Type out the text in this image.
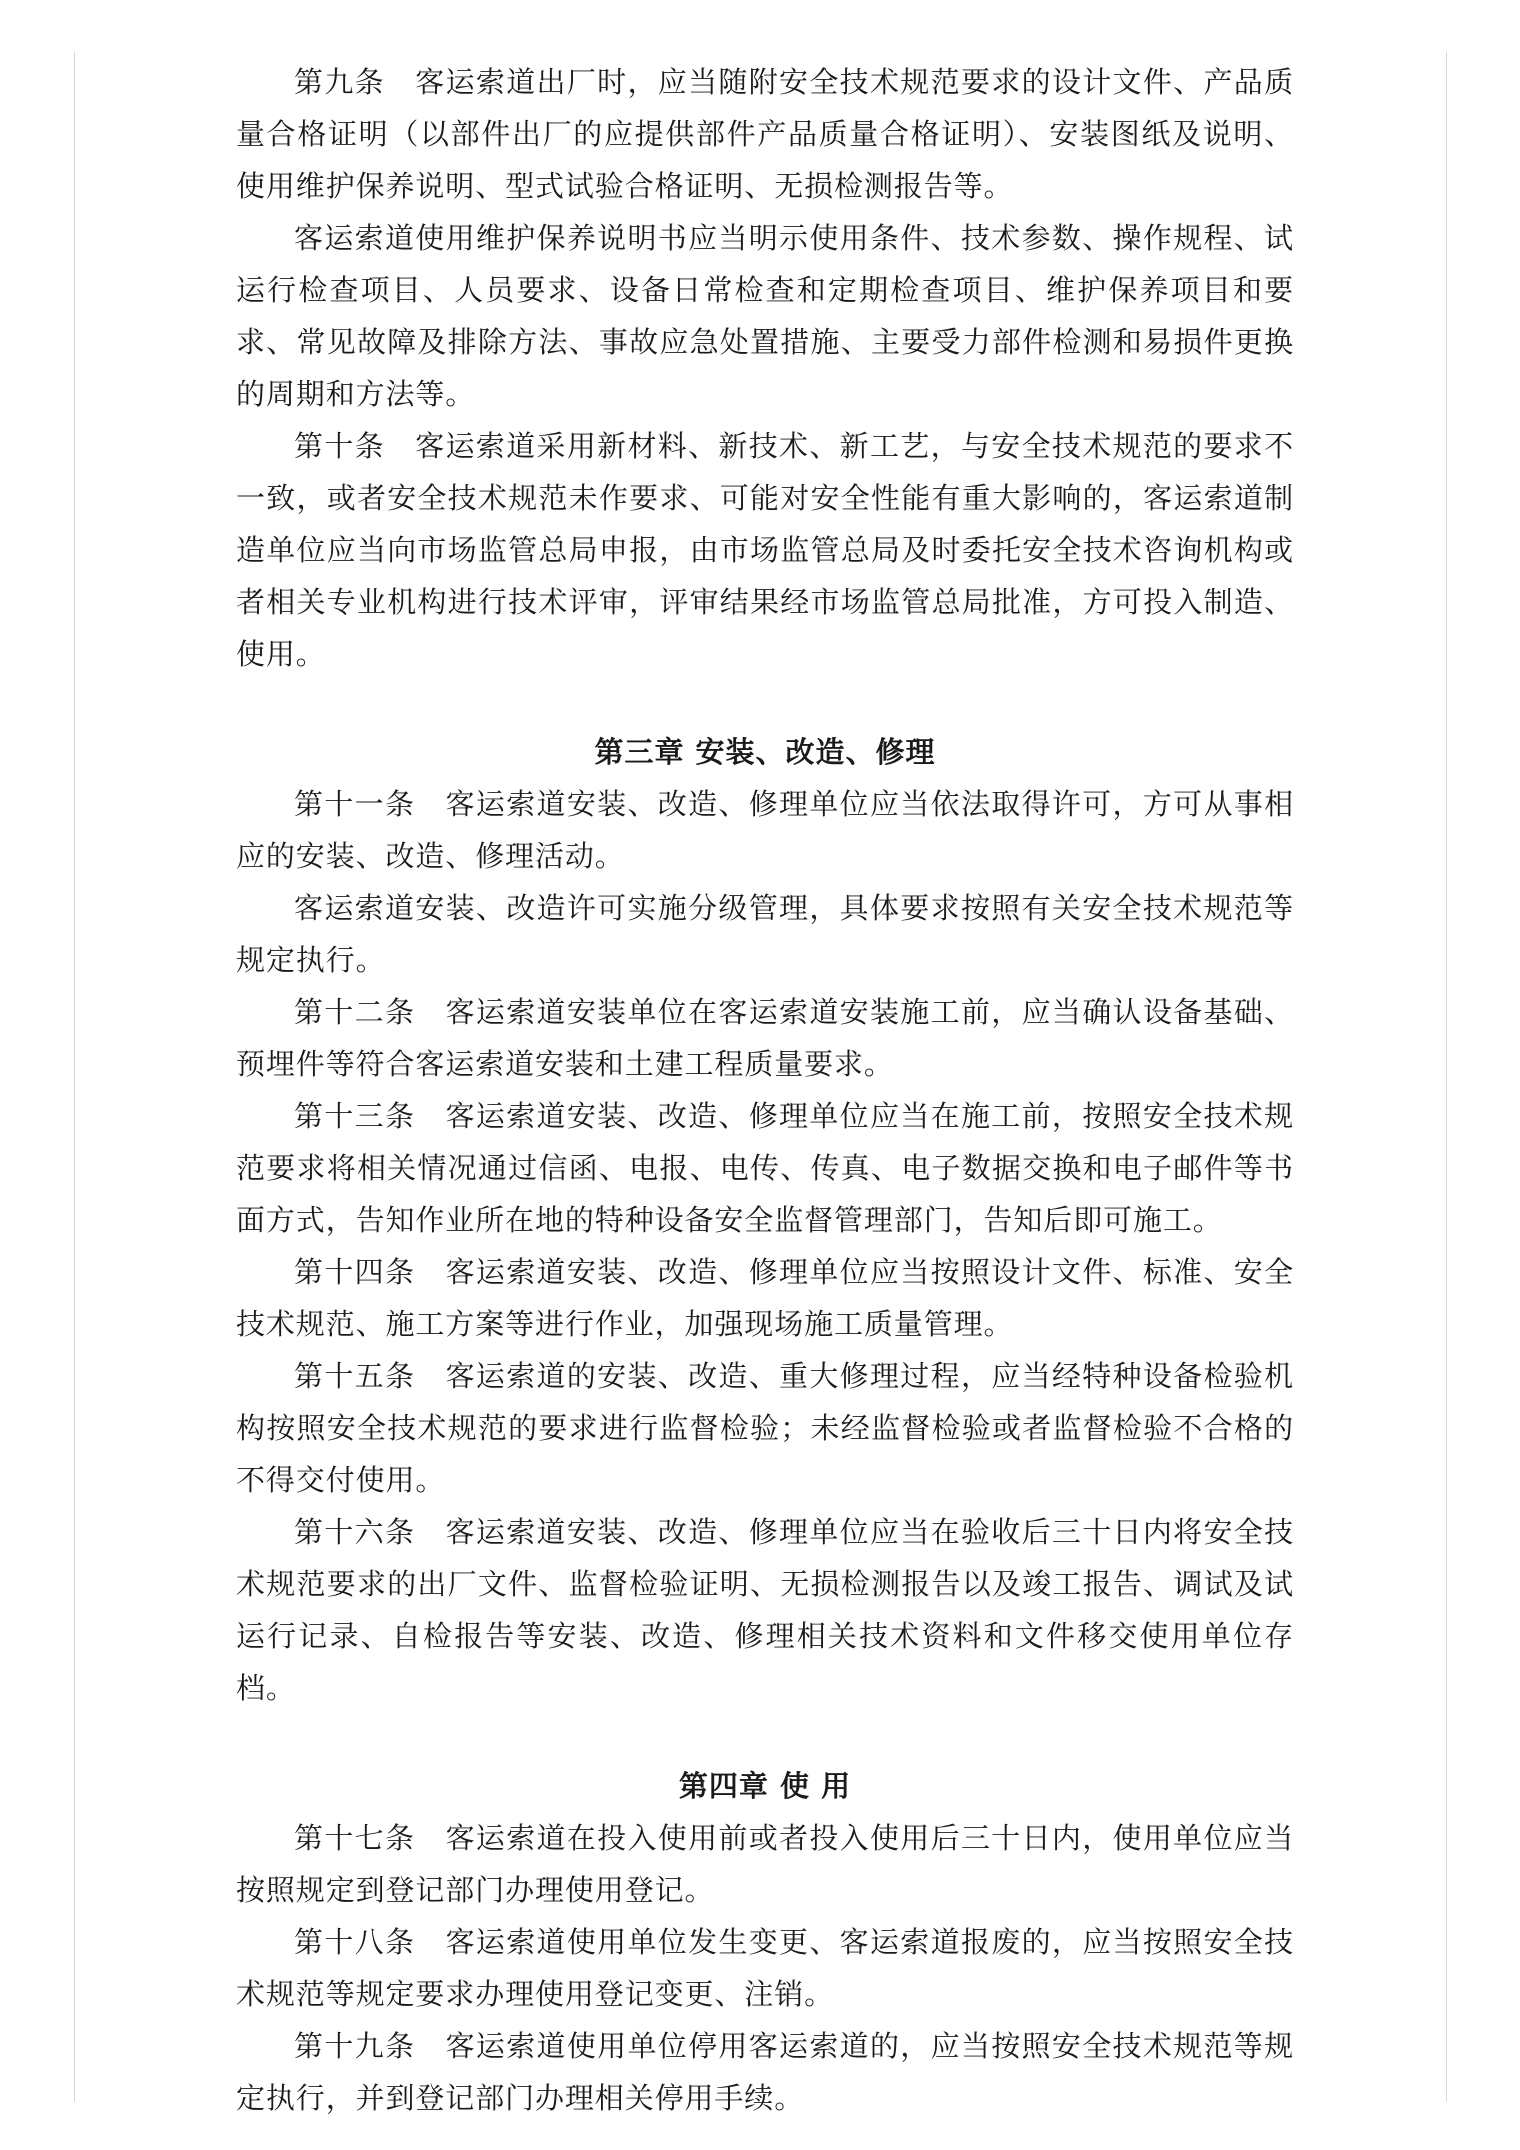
第九条　客运索道出厂时，应当随附安全技术规范要求的设计文件、产品质量合格证明（以部件出厂的应提供部件产品质量合格证明）、安装图纸及说明、使用维护保养说明、型式试验合格证明、无损检测报告等。

客运索道使用维护保养说明书应当明示使用条件、技术参数、操作规程、试运行检查项目、人员要求、设备日常检查和定期检查项目、维护保养项目和要求、常见故障及排除方法、事故应急处置措施、主要受力部件检测和易损件更换的周期和方法等。

第十条　客运索道采用新材料、新技术、新工艺，与安全技术规范的要求不一致，或者安全技术规范未作要求、可能对安全性能有重大影响的，客运索道制造单位应当向市场监管总局申报，由市场监管总局及时委托安全技术咨询机构或者相关专业机构进行技术评审，评审结果经市场监管总局批准，方可投入制造、使用。

第三章 安装、改造、修理

第十一条　客运索道安装、改造、修理单位应当依法取得许可，方可从事相应的安装、改造、修理活动。

客运索道安装、改造许可实施分级管理，具体要求按照有关安全技术规范等规定执行。

第十二条　客运索道安装单位在客运索道安装施工前，应当确认设备基础、预埋件等符合客运索道安装和土建工程质量要求。

第十三条　客运索道安装、改造、修理单位应当在施工前，按照安全技术规范要求将相关情况通过信函、电报、电传、传真、电子数据交换和电子邮件等书面方式，告知作业所在地的特种设备安全监督管理部门，告知后即可施工。

第十四条　客运索道安装、改造、修理单位应当按照设计文件、标准、安全技术规范、施工方案等进行作业，加强现场施工质量管理。

第十五条　客运索道的安装、改造、重大修理过程，应当经特种设备检验机构按照安全技术规范的要求进行监督检验；未经监督检验或者监督检验不合格的不得交付使用。

第十六条　客运索道安装、改造、修理单位应当在验收后三十日内将安全技术规范要求的出厂文件、监督检验证明、无损检测报告以及竣工报告、调试及试运行记录、自检报告等安装、改造、修理相关技术资料和文件移交使用单位存档。

第四章 使 用

第十七条　客运索道在投入使用前或者投入使用后三十日内，使用单位应当按照规定到登记部门办理使用登记。

第十八条　客运索道使用单位发生变更、客运索道报废的，应当按照安全技术规范等规定要求办理使用登记变更、注销。

第十九条　客运索道使用单位停用客运索道的，应当按照安全技术规范等规定执行，并到登记部门办理相关停用手续。
